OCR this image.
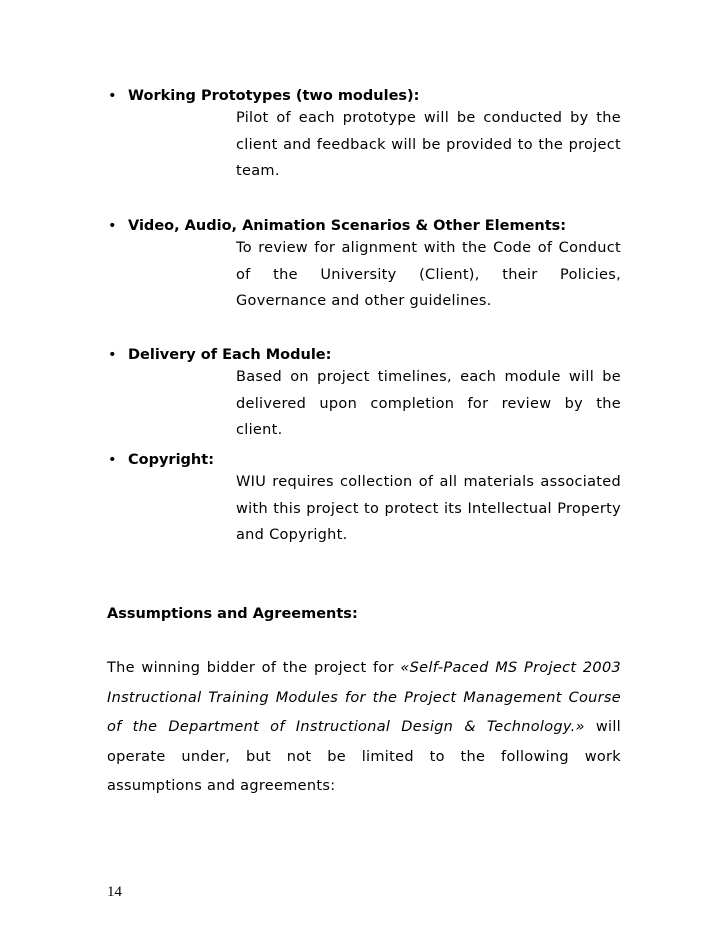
• Working Prototypes (two modules):
Pilot of each prototype will be conducted by the client and feedback will be provided to the project team.
• Video, Audio, Animation Scenarios & Other Elements:
To review for alignment with the Code of Conduct of the University (Client), their Policies, Governance and other guidelines.
• Delivery of Each Module:
Based on project timelines, each module will be delivered upon completion for review by the client.
• Copyright:
WIU requires collection of all materials associated with this project to protect its Intellectual Property and Copyright.
Assumptions and Agreements:

The winning bidder of the project for «Self-Paced MS Project 2003 Instructional Training Modules for the Project Management Course of the Department of Instructional Design & Technology.» will operate under, but not be limited to the following work assumptions and agreements:

14
